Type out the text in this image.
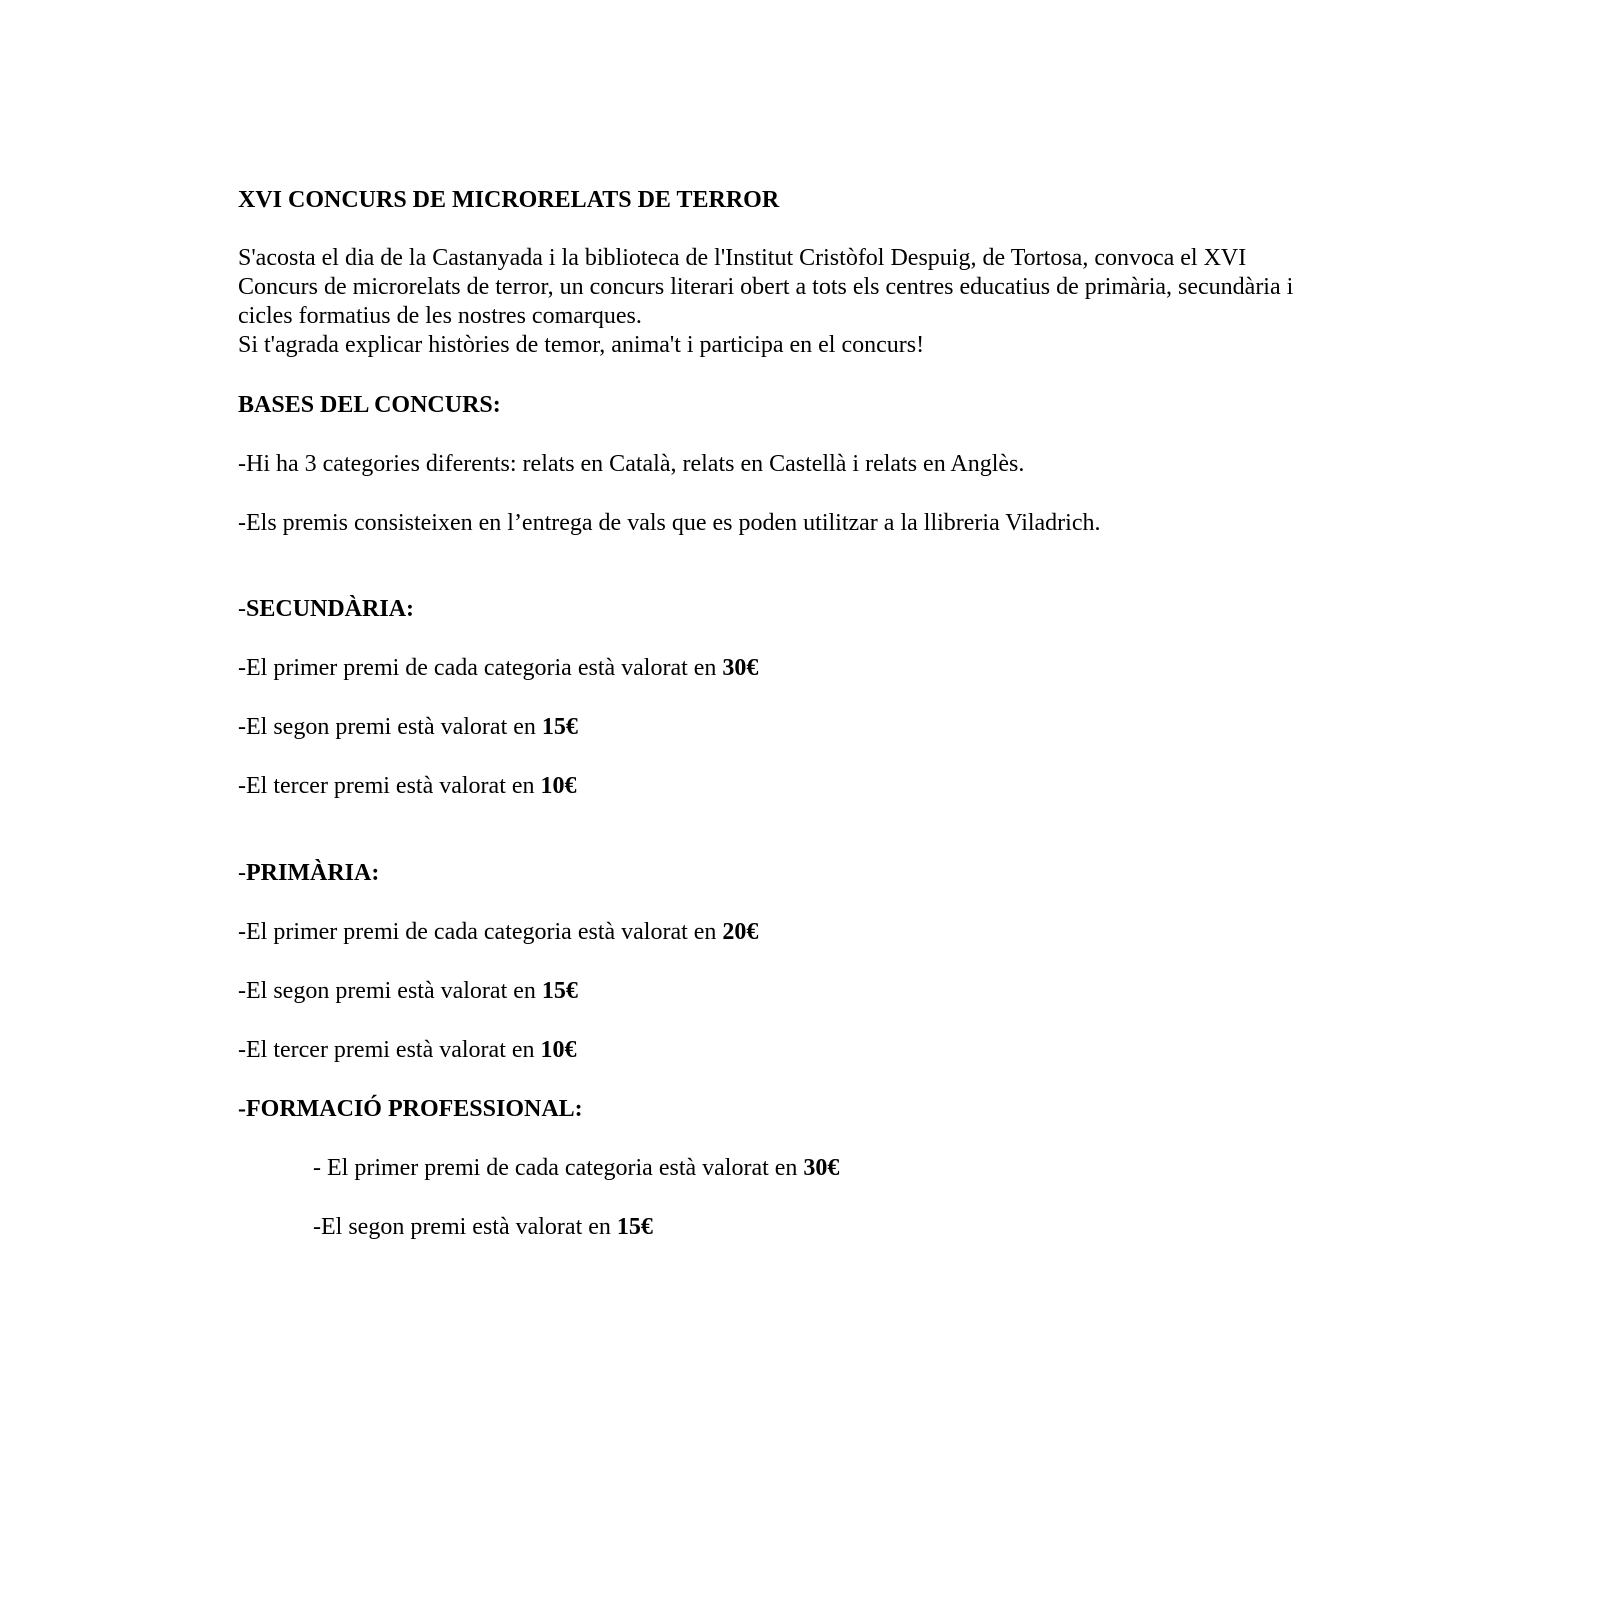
XVI CONCURS DE MICRORELATS DE TERROR

S'acosta el dia de la Castanyada i la biblioteca de l'Institut Cristòfol Despuig, de Tortosa, convoca el XVI

Concurs de microrelats de terror, un concurs literari obert a tots els centres educatius de primària, secundària i

cicles formatius de les nostres comarques.

Si t'agrada explicar històries de temor, anima't i participa en el concurs!

BASES DEL CONCURS:

-Hi ha 3 categories diferents: relats en Català, relats en Castellà i relats en Anglès.

-Els premis consisteixen en l’entrega de vals que es poden utilitzar a la llibreria Viladrich.

-SECUNDÀRIA:

-El primer premi de cada categoria està valorat en 30€

-El segon premi està valorat en 15€

-El tercer premi està valorat en 10€

-PRIMÀRIA:

-El primer premi de cada categoria està valorat en 20€

-El segon premi està valorat en 15€

-El tercer premi està valorat en 10€

-FORMACIÓ PROFESSIONAL:

- El primer premi de cada categoria està valorat en 30€

-El segon premi està valorat en 15€
